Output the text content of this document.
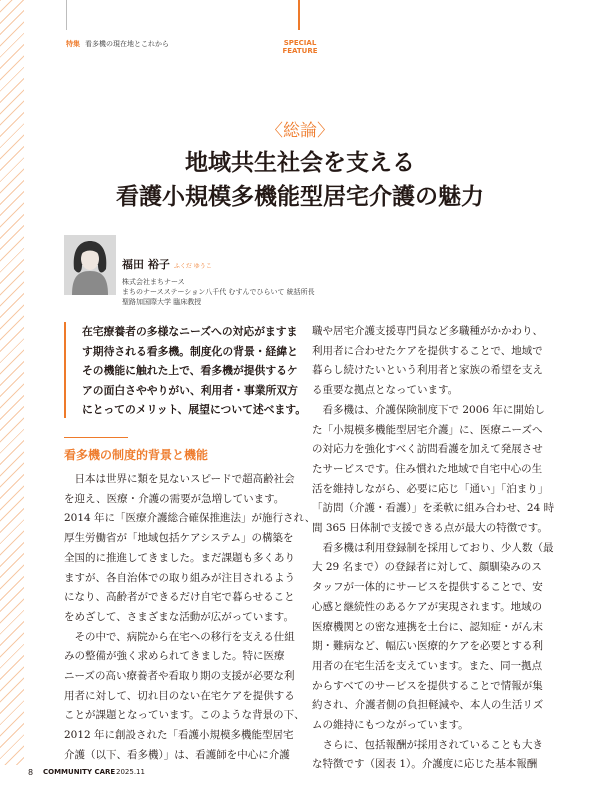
特集 看多機の現在地とこれから	SPECIAL
FEATURE
〈総論〉
地域共生社会を支える
看護小規模多機能型居宅介護の魅力
福田 裕子 ふくだ ゆうこ
株式会社まちナース
まちのナースステーション八千代 むすんでひらいて 統括所長
聖路加国際大学 臨床教授

在宅療養者の多様なニーズへの対応がますま

す期待される看多機。制度化の背景・経緯と

その機能に触れた上で、看多機が提供するケ

アの面白さややりがい、利用者・事業所双方

にとってのメリット、展望について述べます。

看多機の制度的背景と機能

　日本は世界に類を見ないスピードで超高齢社会

を迎え、医療・介護の需要が急増しています。

2014 年に「医療介護総合確保推進法」が施行され、

厚生労働省が「地域包括ケアシステム」の構築を

全国的に推進してきました。まだ課題も多くあり

ますが、各自治体での取り組みが注目されるよう

になり、高齢者ができるだけ自宅で暮らせること

をめざして、さまざまな活動が広がっています。

　その中で、病院から在宅への移行を支える仕組

みの整備が強く求められてきました。特に医療

ニーズの高い療養者や看取り期の支援が必要な利

用者に対して、切れ目のない在宅ケアを提供する

ことが課題となっています。このような背景の下、

2012 年に創設された「看護小規模多機能型居宅

介護（以下、看多機）」は、看護師を中心に介護

職や居宅介護支援専門員など多職種がかかわり、

利用者に合わせたケアを提供することで、地域で

暮らし続けたいという利用者と家族の希望を支え

る重要な拠点となっています。

　看多機は、介護保険制度下で 2006 年に開始し

た「小規模多機能型居宅介護」に、医療ニーズへ

の対応力を強化すべく訪問看護を加えて発展させ

たサービスです。住み慣れた地域で自宅中心の生

活を維持しながら、必要に応じ「通い」「泊まり」

「訪問（介護・看護）」を柔軟に組み合わせ、24 時

間 365 日体制で支援できる点が最大の特徴です。

　看多機は利用登録制を採用しており、少人数（最

大 29 名まで）の登録者に対して、顔馴染みのス

タッフが一体的にサービスを提供することで、安

心感と継続性のあるケアが実現されます。地域の

医療機関との密な連携を土台に、認知症・がん末

期・難病など、幅広い医療的ケアを必要とする利

用者の在宅生活を支えています。また、同一拠点

からすべてのサービスを提供することで情報が集

約され、介護者側の負担軽減や、本人の生活リズ

ムの維持にもつながっています。

　さらに、包括報酬が採用されていることも大き

な特徴です（図表 1）。介護度に応じた基本報酬

8 COMMUNITY CARE 2025.11
